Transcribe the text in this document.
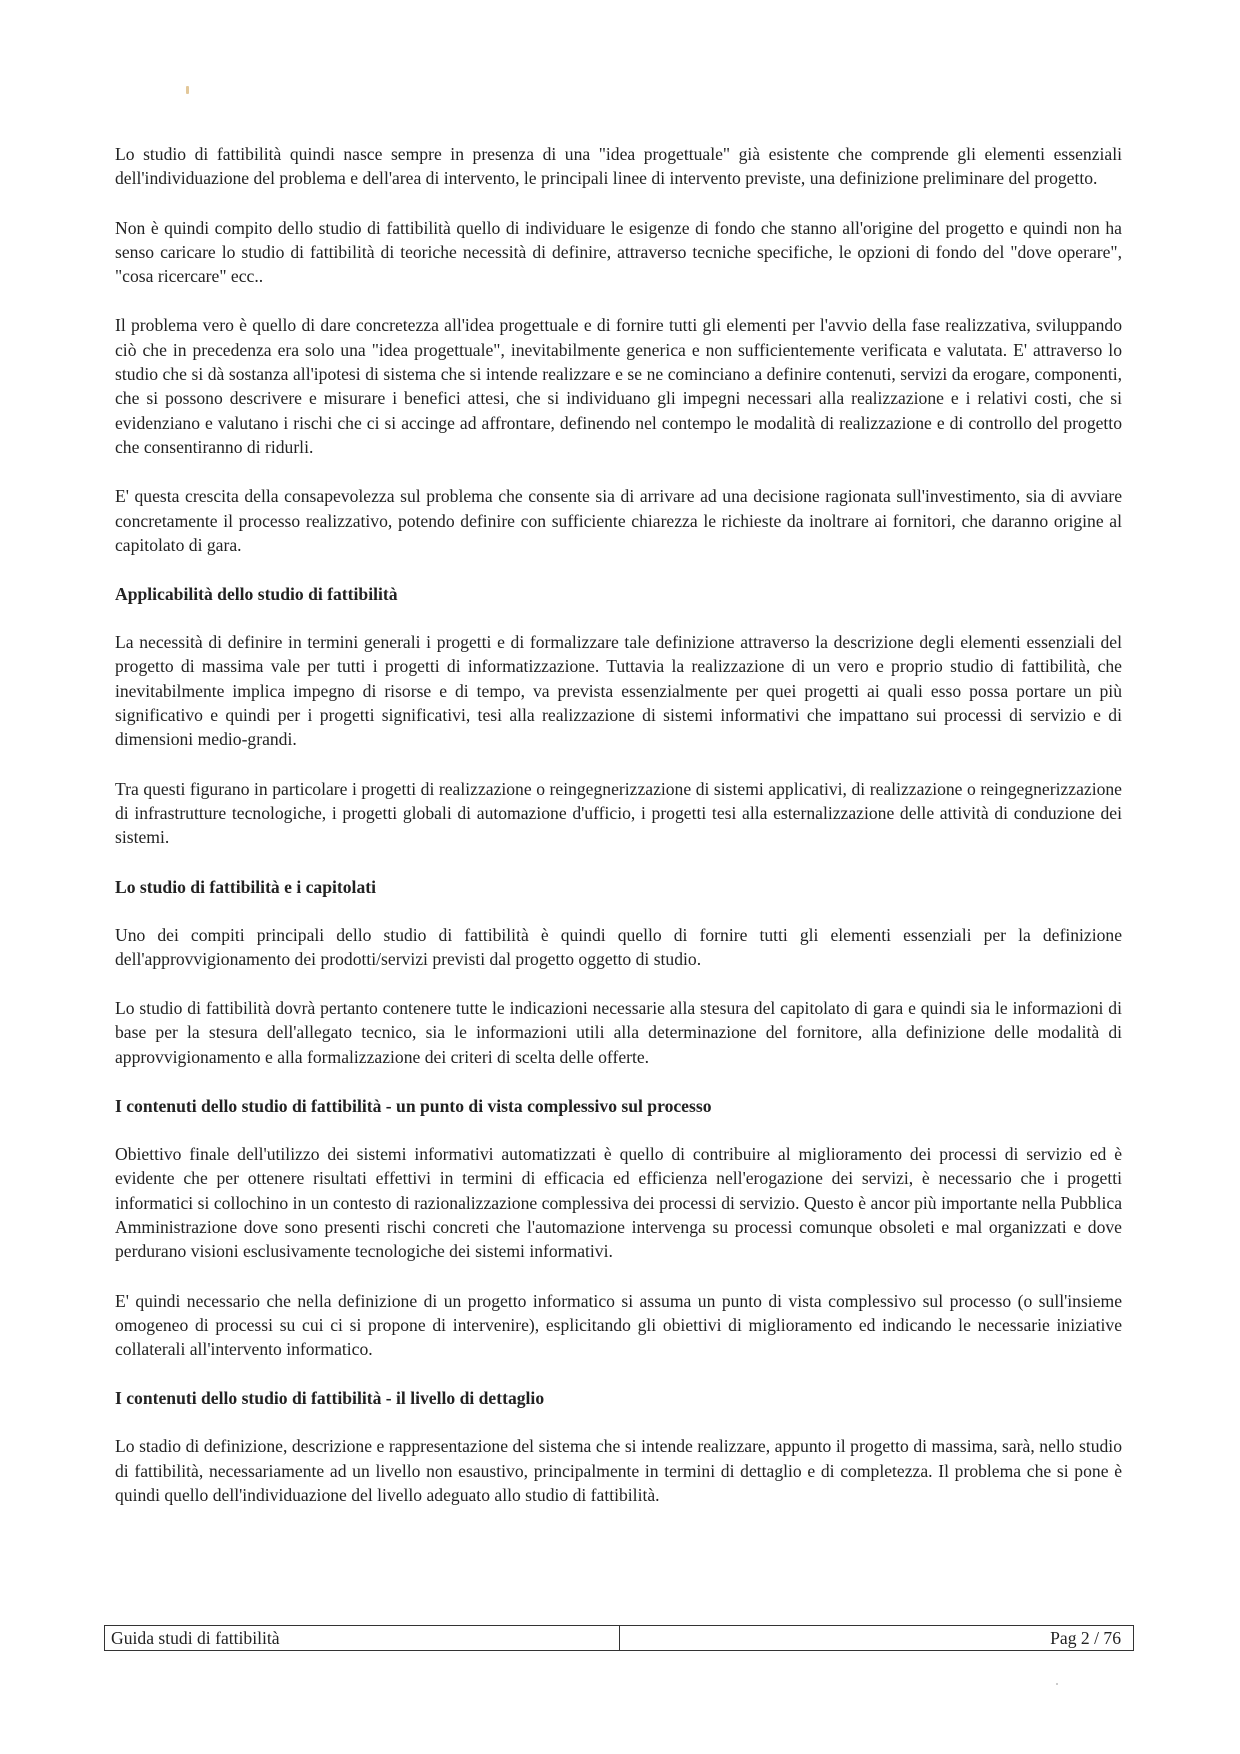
Lo studio di fattibilità quindi nasce sempre in presenza di una "idea progettuale" già esistente che comprende gli elementi essenziali dell'individuazione del problema e dell'area di intervento, le principali linee di intervento previste, una definizione preliminare del progetto.

Non è quindi compito dello studio di fattibilità quello di individuare le esigenze di fondo che stanno all'origine del progetto e quindi non ha senso caricare lo studio di fattibilità di teoriche necessità di definire, attraverso tecniche specifiche, le opzioni di fondo del "dove operare", "cosa ricercare" ecc..

Il problema vero è quello di dare concretezza all'idea progettuale e di fornire tutti gli elementi per l'avvio della fase realizzativa, sviluppando ciò che in precedenza era solo una "idea progettuale", inevitabilmente generica e non sufficientemente verificata e valutata. E' attraverso lo studio che si dà sostanza all'ipotesi di sistema che si intende realizzare e se ne cominciano a definire contenuti, servizi da erogare, componenti, che si possono descrivere e misurare i benefici attesi, che si individuano gli impegni necessari alla realizzazione e i relativi costi, che si evidenziano e valutano i rischi che ci si accinge ad affrontare, definendo nel contempo le modalità di realizzazione e di controllo del progetto che consentiranno di ridurli.

E' questa crescita della consapevolezza sul problema che consente sia di arrivare ad una decisione ragionata sull'investimento, sia di avviare concretamente il processo realizzativo, potendo definire con sufficiente chiarezza le richieste da inoltrare ai fornitori, che daranno origine al capitolato di gara.

Applicabilità dello studio di fattibilità

La necessità di definire in termini generali i progetti e di formalizzare tale definizione attraverso la descrizione degli elementi essenziali del progetto di massima vale per tutti i progetti di informatizzazione. Tuttavia la realizzazione di un vero e proprio studio di fattibilità, che inevitabilmente implica impegno di risorse e di tempo, va prevista essenzialmente per quei progetti ai quali esso possa portare un più significativo e quindi per i progetti significativi, tesi alla realizzazione di sistemi informativi che impattano sui processi di servizio e di dimensioni medio-grandi.

Tra questi figurano in particolare i progetti di realizzazione o reingegnerizzazione di sistemi applicativi, di realizzazione o reingegnerizzazione di infrastrutture tecnologiche, i progetti globali di automazione d'ufficio, i progetti tesi alla esternalizzazione delle attività di conduzione dei sistemi.

Lo studio di fattibilità e i capitolati

Uno dei compiti principali dello studio di fattibilità è quindi quello di fornire tutti gli elementi essenziali per la definizione dell'approvvigionamento dei prodotti/servizi previsti dal progetto oggetto di studio.

Lo studio di fattibilità dovrà pertanto contenere tutte le indicazioni necessarie alla stesura del capitolato di gara e quindi sia le informazioni di base per la stesura dell'allegato tecnico, sia le informazioni utili alla determinazione del fornitore, alla definizione delle modalità di approvvigionamento e alla formalizzazione dei criteri di scelta delle offerte.

I contenuti dello studio di fattibilità - un punto di vista complessivo sul processo

Obiettivo finale dell'utilizzo dei sistemi informativi automatizzati è quello di contribuire al miglioramento dei processi di servizio ed è evidente che per ottenere risultati effettivi in termini di efficacia ed efficienza nell'erogazione dei servizi, è necessario che i progetti informatici si collochino in un contesto di razionalizzazione complessiva dei processi di servizio. Questo è ancor più importante nella Pubblica Amministrazione dove sono presenti rischi concreti che l'automazione intervenga su processi comunque obsoleti e mal organizzati e dove perdurano visioni esclusivamente tecnologiche dei sistemi informativi.

E' quindi necessario che nella definizione di un progetto informatico si assuma un punto di vista complessivo sul processo (o sull'insieme omogeneo di processi su cui ci si propone di intervenire), esplicitando gli obiettivi di miglioramento ed indicando le necessarie iniziative collaterali all'intervento informatico.

I contenuti dello studio di fattibilità - il livello di dettaglio

Lo stadio di definizione, descrizione e rappresentazione del sistema che si intende realizzare, appunto il progetto di massima, sarà, nello studio di fattibilità, necessariamente ad un livello non esaustivo, principalmente in termini di dettaglio e di completezza. Il problema che si pone è quindi quello dell'individuazione del livello adeguato allo studio di fattibilità.

Guida studi di fattibilità	Pag 2 / 76
